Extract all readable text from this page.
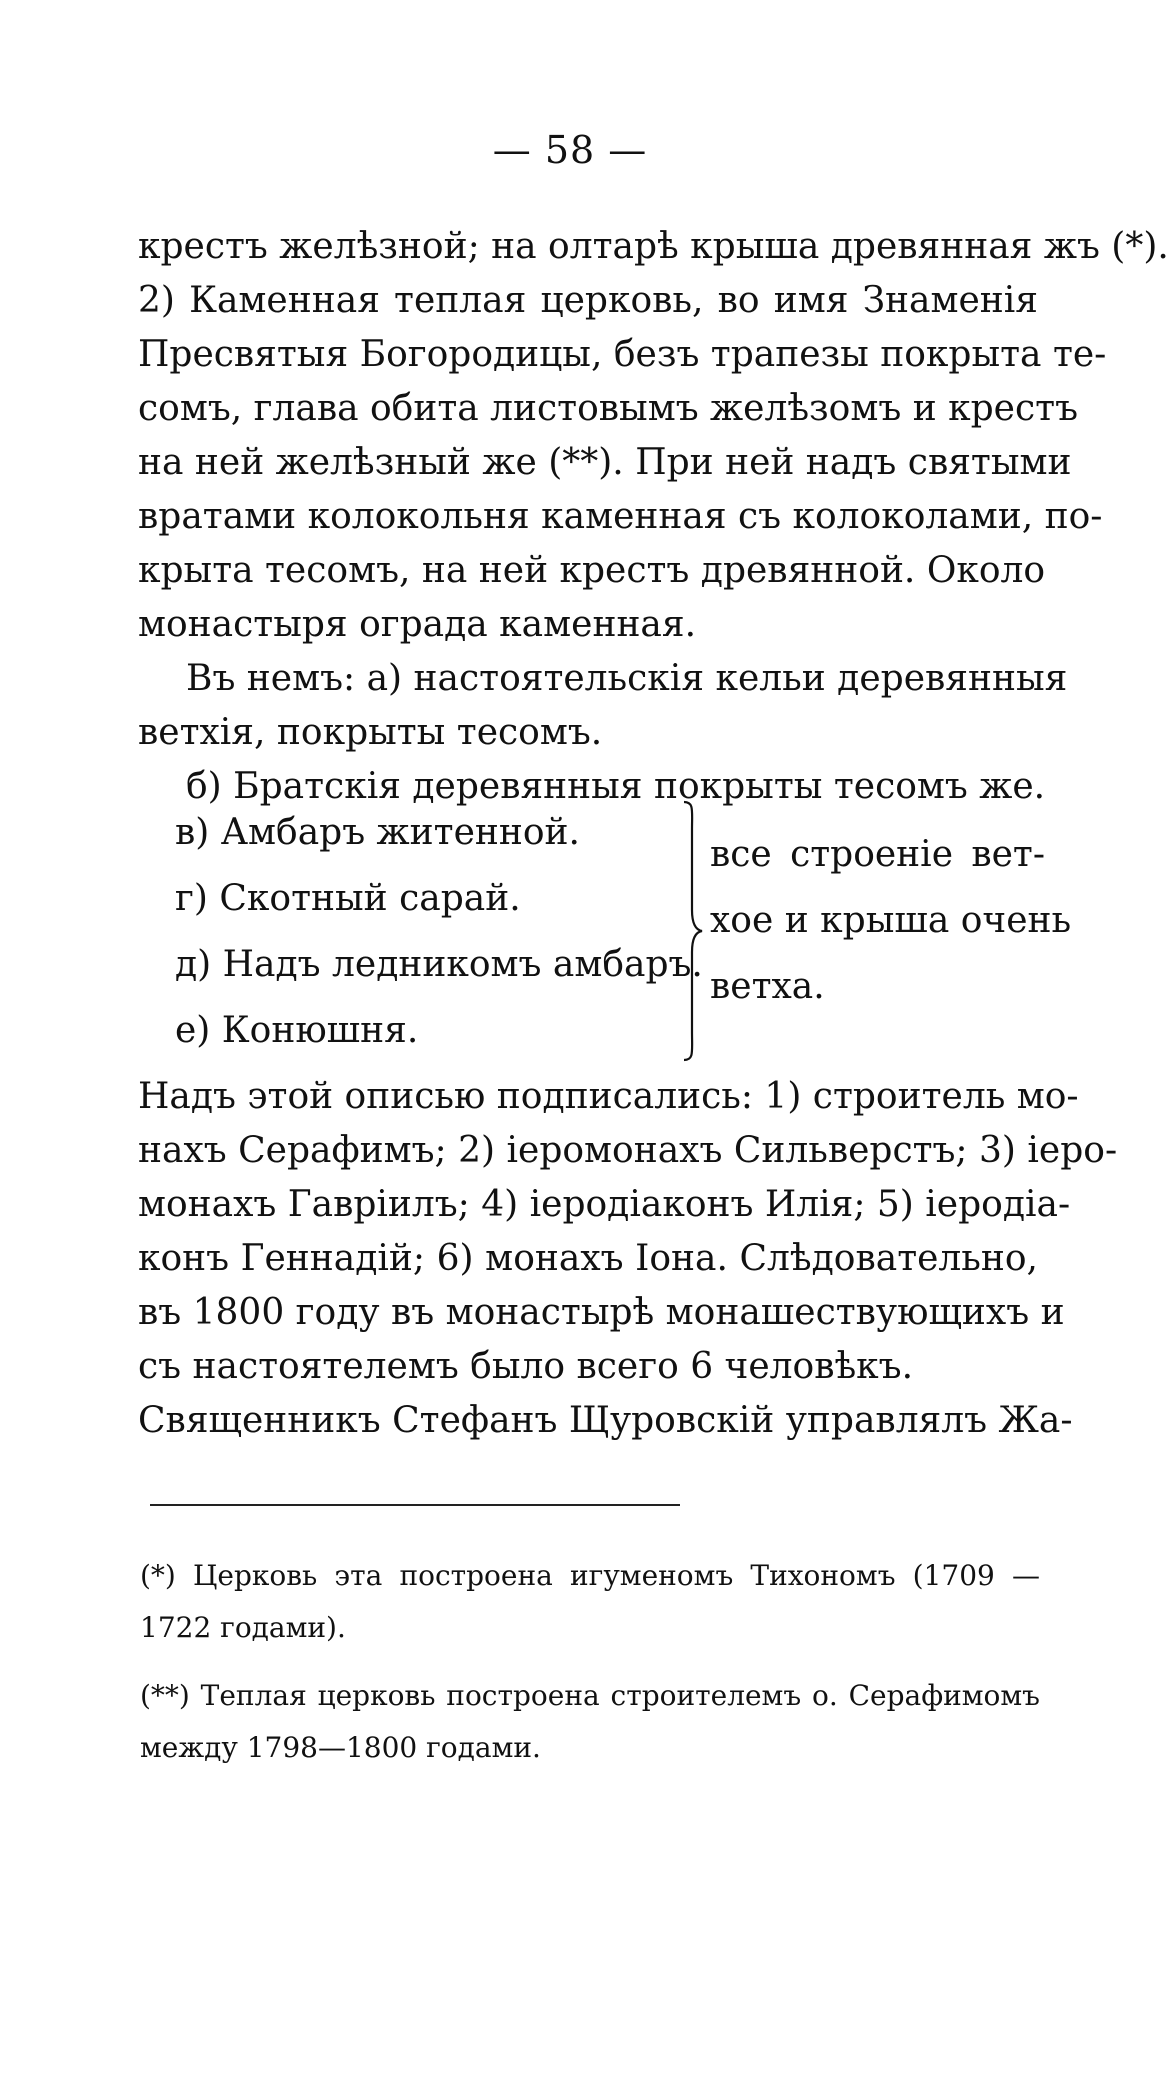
— 58 —
крестъ желѣзной; на олтарѣ крыша древянная жъ (*).
2) Каменная теплая церковь, во имя Знаменія
Пресвятыя Богородицы, безъ трапезы покрыта те-
сомъ, глава обита листовымъ желѣзомъ и крестъ
на ней желѣзный же (**). При ней надъ святыми
вратами колокольня каменная съ колоколами, по-
крыта тесомъ, на ней крестъ древянной. Около
монастыря ограда каменная.
Въ немъ: а) настоятельскія кельи деревянныя
ветхія, покрыты тесомъ.
б) Братскія деревянныя покрыты тесомъ же.
в) Амбаръ житенной.
г) Скотный сарай.
д) Надъ ледникомъ амбаръ.
е) Конюшня.
все строеніе вет-
хое и крыша очень
ветха.
Надъ этой описью подписались: 1) строитель мо-
нахъ Серафимъ; 2) іеромонахъ Сильверстъ; 3) іеро-
монахъ Гавріилъ; 4) іеродіаконъ Илія; 5) іеродіа-
конъ Геннадій; 6) монахъ Іона. Слѣдовательно,
въ 1800 году въ монастырѣ монашествующихъ и
съ настоятелемъ было всего 6 человѣкъ.
Священникъ Стефанъ Щуровскій управлялъ Жа-
(*) Церковь эта построена игуменомъ Тихономъ (1709 —
1722 годами).
(**) Теплая церковь построена строителемъ о. Серафимомъ
между 1798—1800 годами.
